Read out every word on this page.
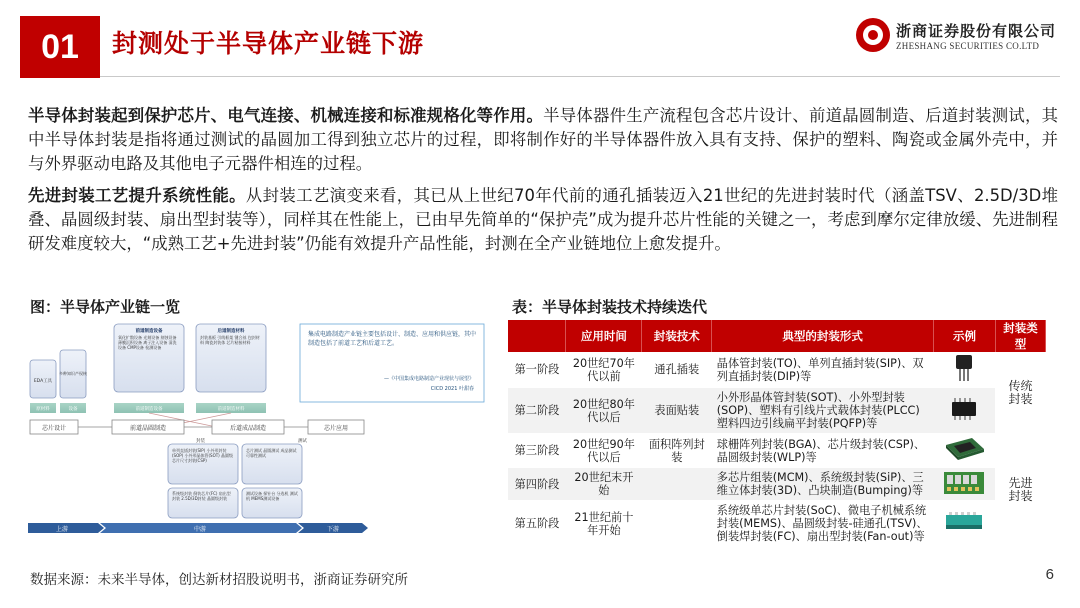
01	封测处于半导体产业链下游	浙商证券股份有限公司
ZHESHANG SECURITIES CO.LTD

半导体封装起到保护芯片、电气连接、机械连接和标准规格化等作用。半导体器件生产流程包含芯片设计、前道晶圆制造、后道封装测试，其中半导体封装是指将通过测试的晶圆加工得到独立芯片的过程，即将制作好的半导体器件放入具有支持、保护的塑料、陶瓷或金属外壳中，并与外界驱动电路及其他电子元器件相连的过程。

先进封装工艺提升系统性能。从封装工艺演变来看，其已从上世纪70年代前的通孔插装迈入21世纪的先进封装时代（涵盖TSV、2.5D/3D堆叠、晶圆级封装、扇出型封装等），同样其在性能上，已由早先简单的“保护壳”成为提升芯片性能的关键之一，考虑到摩尔定律放缓、先进制程研发难度较大，“成熟工艺+先进封装”仍能有效提升产品性能，封测在全产业链地位上愈发提升。

图：半导体产业链一览
EDA工具
多种知识产权核
前道制造设备
氧化扩散设备 光刻设备 刻蚀设备 薄膜沉积设备 离子注入设备 清洗设备 CMP设备 检测设备
后道制造材料
封装基板 引线框架 键合丝 包封材料 陶瓷封装体 芯片粘接材料
集成电路制造产业链主要包括设计、制造、应用和供应链，其中制造包括了前道工艺和后道工艺。
—《中国集成电路制造产业现状与展望》
CICD 2021 叶甜春
原材料	设备	前道制造设备	前道制造材料
芯片设计	前道晶圆制造	后道成品制造	芯片应用
封装	测试
单列直插封装(SIP) 小外形封装(SOP) 小外形晶体管(SOT) 晶圆级芯片尺寸封装(CSP)
芯片测试 晶圆测试 成品测试 可靠性测试
系统级封装 倒装芯片(FC) 扇出型封装 2.5D/3D封装 晶圆级封装
测试设备 探针台 分选机 测试机 MEMS测试设备
上游	中游	下游
表：半导体封装技术持续迭代
	应用时间	封装技术	典型的封装形式	示例	封装类型
第一阶段	20世纪70年代以前	通孔插装	晶体管封装(TO)、单列直插封装(SIP)、双列直插封装(DIP)等		传统封装
第二阶段	20世纪80年代以后	表面贴装	小外形晶体管封装(SOT)、小外型封装(SOP)、塑料有引线片式载体封装(PLCC)塑料四边引线扁平封装(PQFP)等	
第三阶段	20世纪90年代以后	面积阵列封装	球栅阵列封装(BGA)、芯片级封装(CSP)、晶圆级封装(WLP)等		先进封装
第四阶段	20世纪末开始		多芯片组装(MCM)、系统级封装(SiP)、三维立体封装(3D)、凸块制造(Bumping)等	
第五阶段	21世纪前十年开始		系统级单芯片封装(SoC)、微电子机械系统封装(MEMS)、晶圆级封装-硅通孔(TSV)、倒装焊封装(FC)、扇出型封装(Fan-out)等	
数据来源：未来半导体，创达新材招股说明书，浙商证券研究所	6
